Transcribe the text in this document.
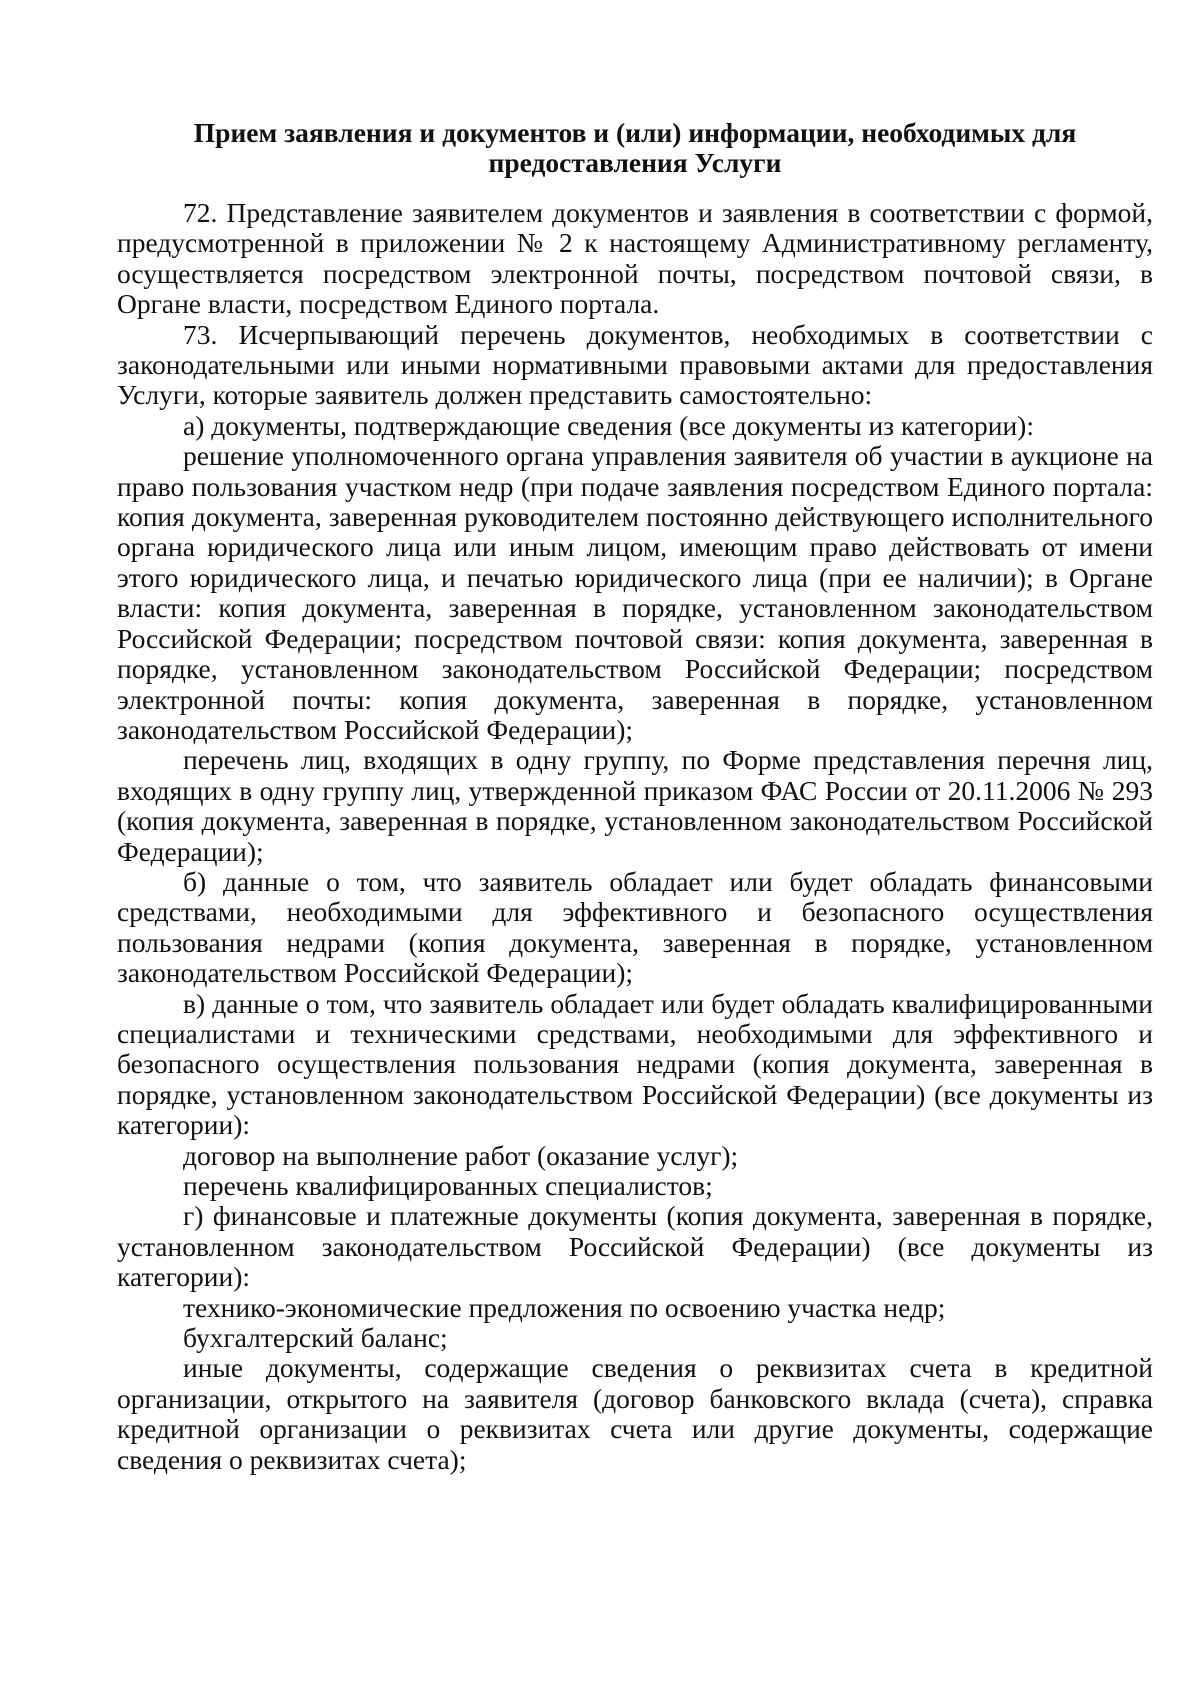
Прием заявления и документов и (или) информации, необходимых для
предоставления Услуги

72. Представление заявителем документов и заявления в соответствии с формой, предусмотренной в приложении № 2 к настоящему Административному регламенту, осуществляется посредством электронной почты, посредством почтовой связи, в Органе власти, посредством Единого портала.

73. Исчерпывающий перечень документов, необходимых в соответствии с законодательными или иными нормативными правовыми актами для предоставления Услуги, которые заявитель должен представить самостоятельно:

а) документы, подтверждающие сведения (все документы из категории):

решение уполномоченного органа управления заявителя об участии в аукционе на право пользования участком недр (при подаче заявления посредством Единого портала: копия документа, заверенная руководителем постоянно действующего исполнительного органа юридического лица или иным лицом, имеющим право действовать от имени этого юридического лица, и печатью юридического лица (при ее наличии); в Органе власти: копия документа, заверенная в порядке, установленном законодательством Российской Федерации; посредством почтовой связи: копия документа, заверенная в порядке, установленном законодательством Российской Федерации; посредством электронной почты: копия документа, заверенная в порядке, установленном законодательством Российской Федерации);

перечень лиц, входящих в одну группу, по Форме представления перечня лиц, входящих в одну группу лиц, утвержденной приказом ФАС России от 20.11.2006 № 293 (копия документа, заверенная в порядке, установленном законодательством Российской Федерации);

б) данные о том, что заявитель обладает или будет обладать финансовыми средствами, необходимыми для эффективного и безопасного осуществления пользования недрами (копия документа, заверенная в порядке, установленном законодательством Российской Федерации);

в) данные о том, что заявитель обладает или будет обладать квалифицированными специалистами и техническими средствами, необходимыми для эффективного и безопасного осуществления пользования недрами (копия документа, заверенная в порядке, установленном законодательством Российской Федерации) (все документы из категории):

договор на выполнение работ (оказание услуг);

перечень квалифицированных специалистов;

г) финансовые и платежные документы (копия документа, заверенная в порядке, установленном законодательством Российской Федерации) (все документы из категории):

технико-экономические предложения по освоению участка недр;

бухгалтерский баланс;

иные документы, содержащие сведения о реквизитах счета в кредитной организации, открытого на заявителя (договор банковского вклада (счета), справка кредитной организации о реквизитах счета или другие документы, содержащие сведения о реквизитах счета);
